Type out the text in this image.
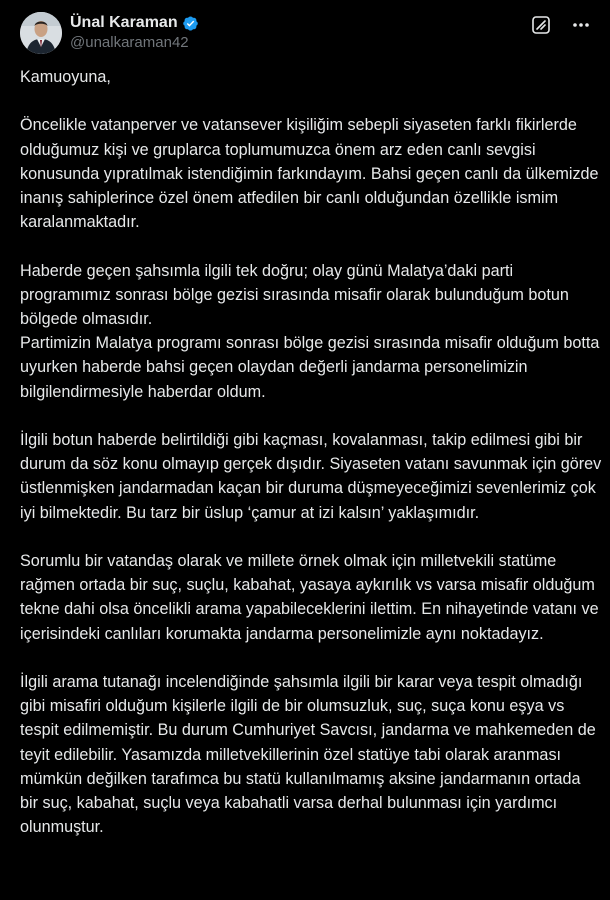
Ünal Karaman
@unalkaraman42

Kamuoyuna,

Öncelikle vatanperver ve vatansever kişiliğim sebepli siyaseten farklı fikirlerde olduğumuz kişi ve gruplarca toplumumuzca önem arz eden canlı sevgisi konusunda yıpratılmak istendiğimin farkındayım. Bahsi geçen canlı da ülkemizde inanış sahiplerince özel önem atfedilen bir canlı olduğundan özellikle ismim karalanmaktadır.

Haberde geçen şahsımla ilgili tek doğru; olay günü Malatya’daki parti programımız sonrası bölge gezisi sırasında misafir olarak bulunduğum botun bölgede olmasıdır.

Partimizin Malatya programı sonrası bölge gezisi sırasında misafir olduğum botta uyurken haberde bahsi geçen olaydan değerli jandarma personelimizin bilgilendirmesiyle haberdar oldum.

İlgili botun haberde belirtildiği gibi kaçması, kovalanması, takip edilmesi gibi bir durum da söz konu olmayıp gerçek dışıdır. Siyaseten vatanı savunmak için görev üstlenmişken jandarmadan kaçan bir duruma düşmeyeceğimizi sevenlerimiz çok iyi bilmektedir. Bu tarz bir üslup ‘çamur at izi kalsın’ yaklaşımıdır.

Sorumlu bir vatandaş olarak ve millete örnek olmak için milletvekili statüme rağmen ortada bir suç, suçlu, kabahat, yasaya aykırılık vs varsa misafir olduğum tekne dahi olsa öncelikli arama yapabileceklerini ilettim. En nihayetinde vatanı ve içerisindeki canlıları korumakta jandarma personelimizle aynı noktadayız.

İlgili arama tutanağı incelendiğinde şahsımla ilgili bir karar veya tespit olmadığı gibi misafiri olduğum kişilerle ilgili de bir olumsuzluk, suç, suça konu eşya vs tespit edilmemiştir. Bu durum Cumhuriyet Savcısı, jandarma ve mahkemeden de teyit edilebilir. Yasamızda milletvekillerinin özel statüye tabi olarak aranması mümkün değilken tarafımca bu statü kullanılmamış aksine jandarmanın ortada bir suç, kabahat, suçlu veya kabahatli varsa derhal bulunması için yardımcı olunmuştur.
